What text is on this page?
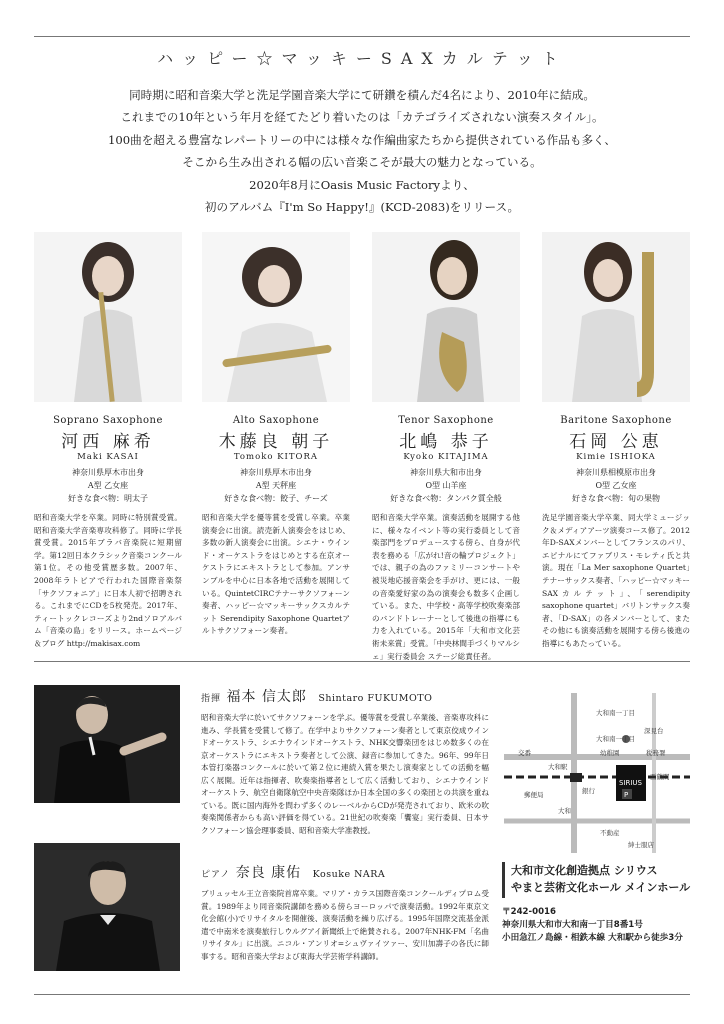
ハッピー☆マッキーSAXカルテット
同時期に昭和音楽大学と洗足学園音楽大学にて研鑽を積んだ4名により、2010年に結成。
これまでの10年という年月を経てたどり着いたのは「カテゴライズされない演奏スタイル」。
100曲を超える豊富なレパートリーの中には様々な作編曲家たちから提供されている作品も多く、
そこから生み出される幅の広い音楽こそが最大の魅力となっている。
2020年8月にOasis Music Factoryより、
初のアルバム『I'm So Happy!』(KCD-2083)をリリース。
Soprano Saxophone
河西 麻希
Maki KASAI
神奈川県厚木市出身
A型 乙女座
好きな食べ物：明太子
昭和音楽大学を卒業。同時に特別賞受賞。昭和音楽大学音楽専攻科修了。同時に学長賞受賞。2015年ブラバ音楽院に短期留学。第12回日本クラシック音楽コンクール第1位。その他受賞歴多数。2007年、2008年ラトビアで行われた国際音楽祭「サクソフォニア」に日本人初で招聘される。これまでにCDを5枚発売。2017年、ティートックレコーズより2ndソロアルバム「音楽の島」をリリース。ホームページ＆ブログ http://makisax.com
Alto Saxophone
木藤良 朝子
Tomoko KITORA
神奈川県厚木市出身
A型 天秤座
好きな食べ物：餃子、チーズ
昭和音楽大学を優等賞を受賞し卒業。卒業演奏会に出演。読売新人演奏会をはじめ、多数の新人演奏会に出演。シエナ・ウインド・オーケストラをはじめとする在京オーケストラにエキストラとして参加。アンサンブルを中心に日本各地で活動を展開している。QuintetCIRCテナーサクソフォーン奏者、ハッピー☆マッキーサックスカルテット Serendipity Saxophone Quartetアルトサクソフォーン奏者。
Tenor Saxophone
北嶋 恭子
Kyoko KITAJIMA
神奈川県大和市出身
O型 山羊座
好きな食べ物：タンパク質全般
昭和音楽大学卒業。演奏活動を展開する他に、様々なイベント等の実行委員として音楽部門をプロデュースする傍ら、自身が代表を務める「広がれ!音の輪プロジェクト」では、親子の為のファミリーコンサートや被災地応援音楽会を手がけ、更には、一般の音楽愛好家の為の演奏会も数多く企画している。また、中学校・高等学校吹奏楽部のバンドトレーナーとして後進の指導にも力を入れている。2015年「大和市文化芸術未来賞」受賞。「中央林間手づくりマルシェ」実行委員会 ステージ総責任者。
Baritone Saxophone
石岡 公恵
Kimie ISHIOKA
神奈川県相模原市出身
O型 乙女座
好きな食べ物：旬の果物
洗足学園音楽大学卒業、同大学ミュージック＆メディアアーツ演奏コース修了。2012年D-SAXメンバーとしてフランスのパリ、エピナルにてファブリス・モレティ氏と共演。現在「La Mer saxophone Quartet」テナーサックス奏者、「ハッピー☆マッキーSAXカルテット」、「serendipity saxophone quartet」バリトンサックス奏者、「D-SAX」の各メンバーとして、またその他にも演奏活動を展開する傍ら後進の指導にもあたっている。
指揮 福本 信太郎 Shintaro FUKUMOTO
昭和音楽大学に於いてサクソフォーンを学ぶ。優等賞を受賞し卒業後、音楽専攻科に進み、学長賞を受賞して修了。在学中よりサクソフォーン奏者として東京佼成ウインドオーケストラ、シエナウインドオーケストラ、NHK交響楽団をはじめ数多くの在京オーケストラにエキストラ奏者として公演、録音に参加してきた。96年、99年日本管打楽器コンクールに於いて第２位に連続入賞を果たし演奏家としての活動を幅広く展開。近年は指揮者、吹奏楽指導者として広く活動しており、シエナウインドオーケストラ、航空自衛隊航空中央音楽隊ほか日本全国の多くの楽団との共演を重ねている。既に国内海外を問わず多くのレーベルからCDが発売されており、欧米の吹奏楽関係者からも高い評価を得ている。21世紀の吹奏楽「饗宴」実行委員、日本サクソフォーン協会理事委員、昭和音楽大学准教授。
ピアノ 奈良 康佑 Kosuke NARA
ブリュッセル王立音楽院首席卒業。マリア・カラス国際音楽コンクールディプロム受賞。1989年より同音楽院講師を務める傍らヨーロッパで演奏活動。1992年東京文化会館(小)でリサイタルを開催後、演奏活動を繰り広げる。1995年国際交流基金派遣で中南米を演奏旅行しウルグアイ新聞紙上で絶賛される。2007年NHK-FM「名曲リサイタル」に出演。ニコル・アンリオ=シュヴァイツァー、安川加壽子の各氏に師事する。昭和音楽大学および東海大学芸術学科講師。
大和南一丁目
大和南一丁目
深見台
交番
大和駅
幼稚園	税務署
西鶴間
郵便局	銀行
大和
不動産
紳士服店
SIRIUS
P
大和市文化創造拠点 シリウス
やまと芸術文化ホール メインホール
〒242-0016
神奈川県大和市大和南一丁目8番1号
小田急江ノ島線・相鉄本線 大和駅から徒歩3分
